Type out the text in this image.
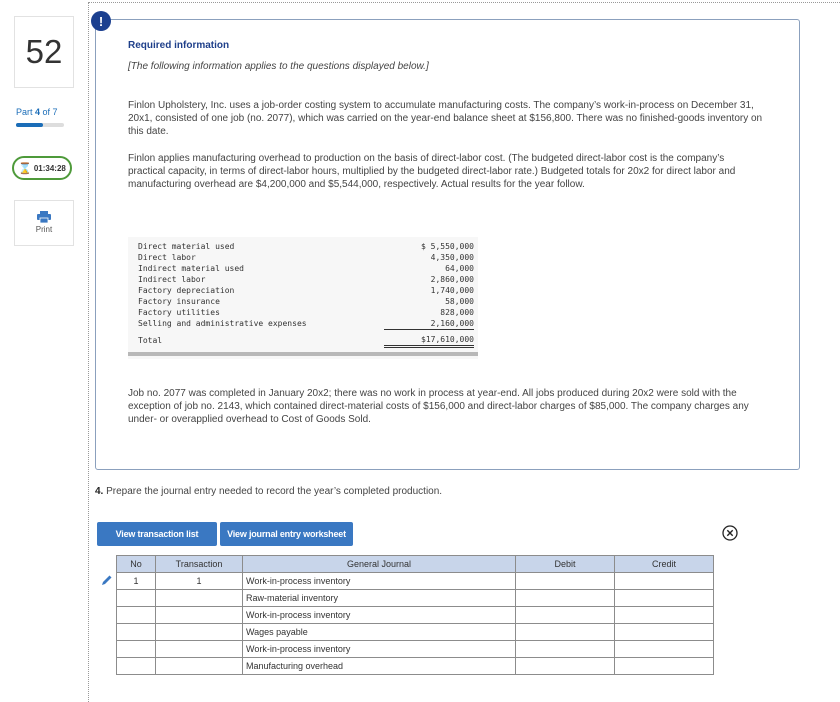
52
Part 4 of 7
⌛ 01:34:28
Print
Required information
[The following information applies to the questions displayed below.]

Finlon Upholstery, Inc. uses a job-order costing system to accumulate manufacturing costs. The company’s work-in-process on December 31, 20x1, consisted of one job (no. 2077), which was carried on the year-end balance sheet at $156,800. There was no finished-goods inventory on this date.

Finlon applies manufacturing overhead to production on the basis of direct-labor cost. (The budgeted direct-labor cost is the company’s practical capacity, in terms of direct-labor hours, multiplied by the budgeted direct-labor rate.) Budgeted totals for 20x2 for direct labor and manufacturing overhead are $4,200,000 and $5,544,000, respectively. Actual results for the year follow.

Direct material used	$ 5,550,000
Direct labor	4,350,000
Indirect material used	64,000
Indirect labor	2,860,000
Factory depreciation	1,740,000
Factory insurance	58,000
Factory utilities	828,000
Selling and administrative expenses	2,160,000
Total	$17,610,000

Job no. 2077 was completed in January 20x2; there was no work in process at year-end. All jobs produced during 20x2 were sold with the exception of job no. 2143, which contained direct-material costs of $156,000 and direct-labor charges of $85,000. The company charges any under- or overapplied overhead to Cost of Goods Sold.

!
4. Prepare the journal entry needed to record the year’s completed production.
View transaction list	View journal entry worksheet
No	Transaction	General Journal	Debit	Credit
1	1	Work-in-process inventory		
		Raw-material inventory		
		Work-in-process inventory		
		Wages payable		
		Work-in-process inventory		
		Manufacturing overhead		
